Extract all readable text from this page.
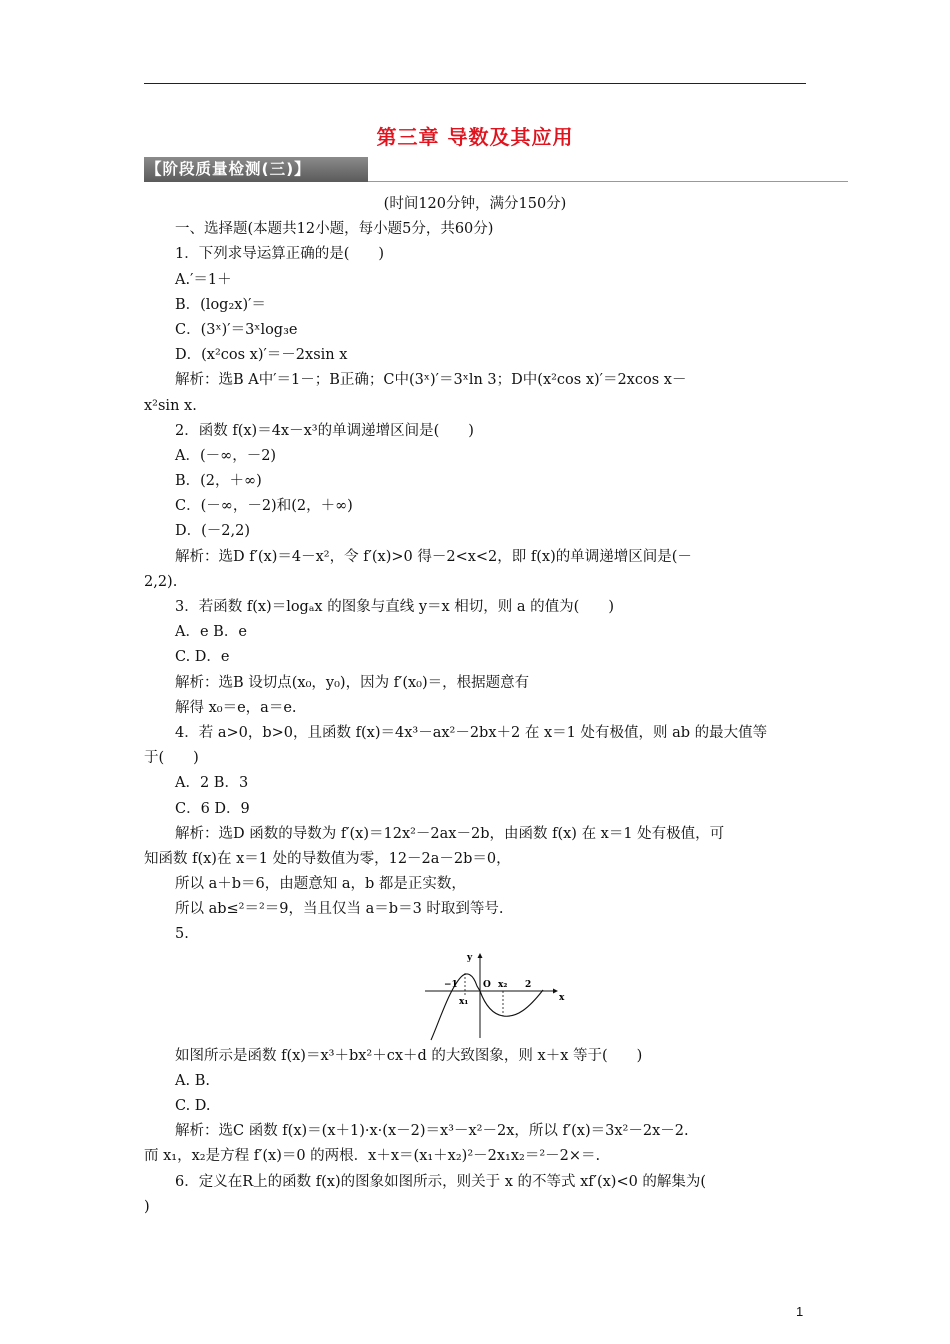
第三章 导数及其应用
【阶段质量检测(三)】
(时间120分钟，满分150分)
一、选择题(本题共12小题，每小题5分，共60分)
1．下列求导运算正确的是(　　)
A.′＝1＋
B．(log₂x)′＝
C．(3ˣ)′＝3ˣlog₃e
D．(x²cos x)′＝－2xsin x
解析：选B A中′＝1－；B正确；C中(3ˣ)′＝3ˣln 3；D中(x²cos x)′＝2xcos x－
x²sin x.
2．函数 f(x)＝4x－x³的单调递增区间是(　　)
A．(－∞，－2)
B．(2，＋∞)
C．(－∞，－2)和(2，＋∞)
D．(－2,2)
解析：选D f′(x)＝4－x²，令 f′(x)>0 得－2<x<2，即 f(x)的单调递增区间是(－
2,2).
3．若函数 f(x)＝logₐx 的图象与直线 y＝x 相切，则 a 的值为(　　)
A．e B．e
C. D．e
解析：选B 设切点(x₀，y₀)，因为 f′(x₀)＝，根据题意有
解得 x₀＝e，a＝e.
4．若 a>0，b>0，且函数 f(x)＝4x³－ax²－2bx＋2 在 x＝1 处有极值，则 ab 的最大值等
于(　　)
A．2 B．3
C．6 D．9
解析：选D 函数的导数为 f′(x)＝12x²－2ax－2b，由函数 f(x) 在 x＝1 处有极值，可
知函数 f(x)在 x＝1 处的导数值为零，12－2a－2b＝0，
所以 a＋b＝6，由题意知 a，b 都是正实数，
所以 ab≤²＝²＝9，当且仅当 a＝b＝3 时取到等号.
5.
y
x
O
−1
x₁
x₂ 2
如图所示是函数 f(x)＝x³＋bx²＋cx＋d 的大致图象，则 x＋x 等于(　　)
A. B.
C. D.
解析：选C 函数 f(x)＝(x＋1)·x·(x－2)＝x³－x²－2x，所以 f′(x)＝3x²－2x－2.
而 x₁，x₂是方程 f′(x)＝0 的两根．x＋x＝(x₁＋x₂)²－2x₁x₂＝²－2×＝.
6．定义在R上的函数 f(x)的图象如图所示，则关于 x 的不等式 xf′(x)<0 的解集为(
)
1
